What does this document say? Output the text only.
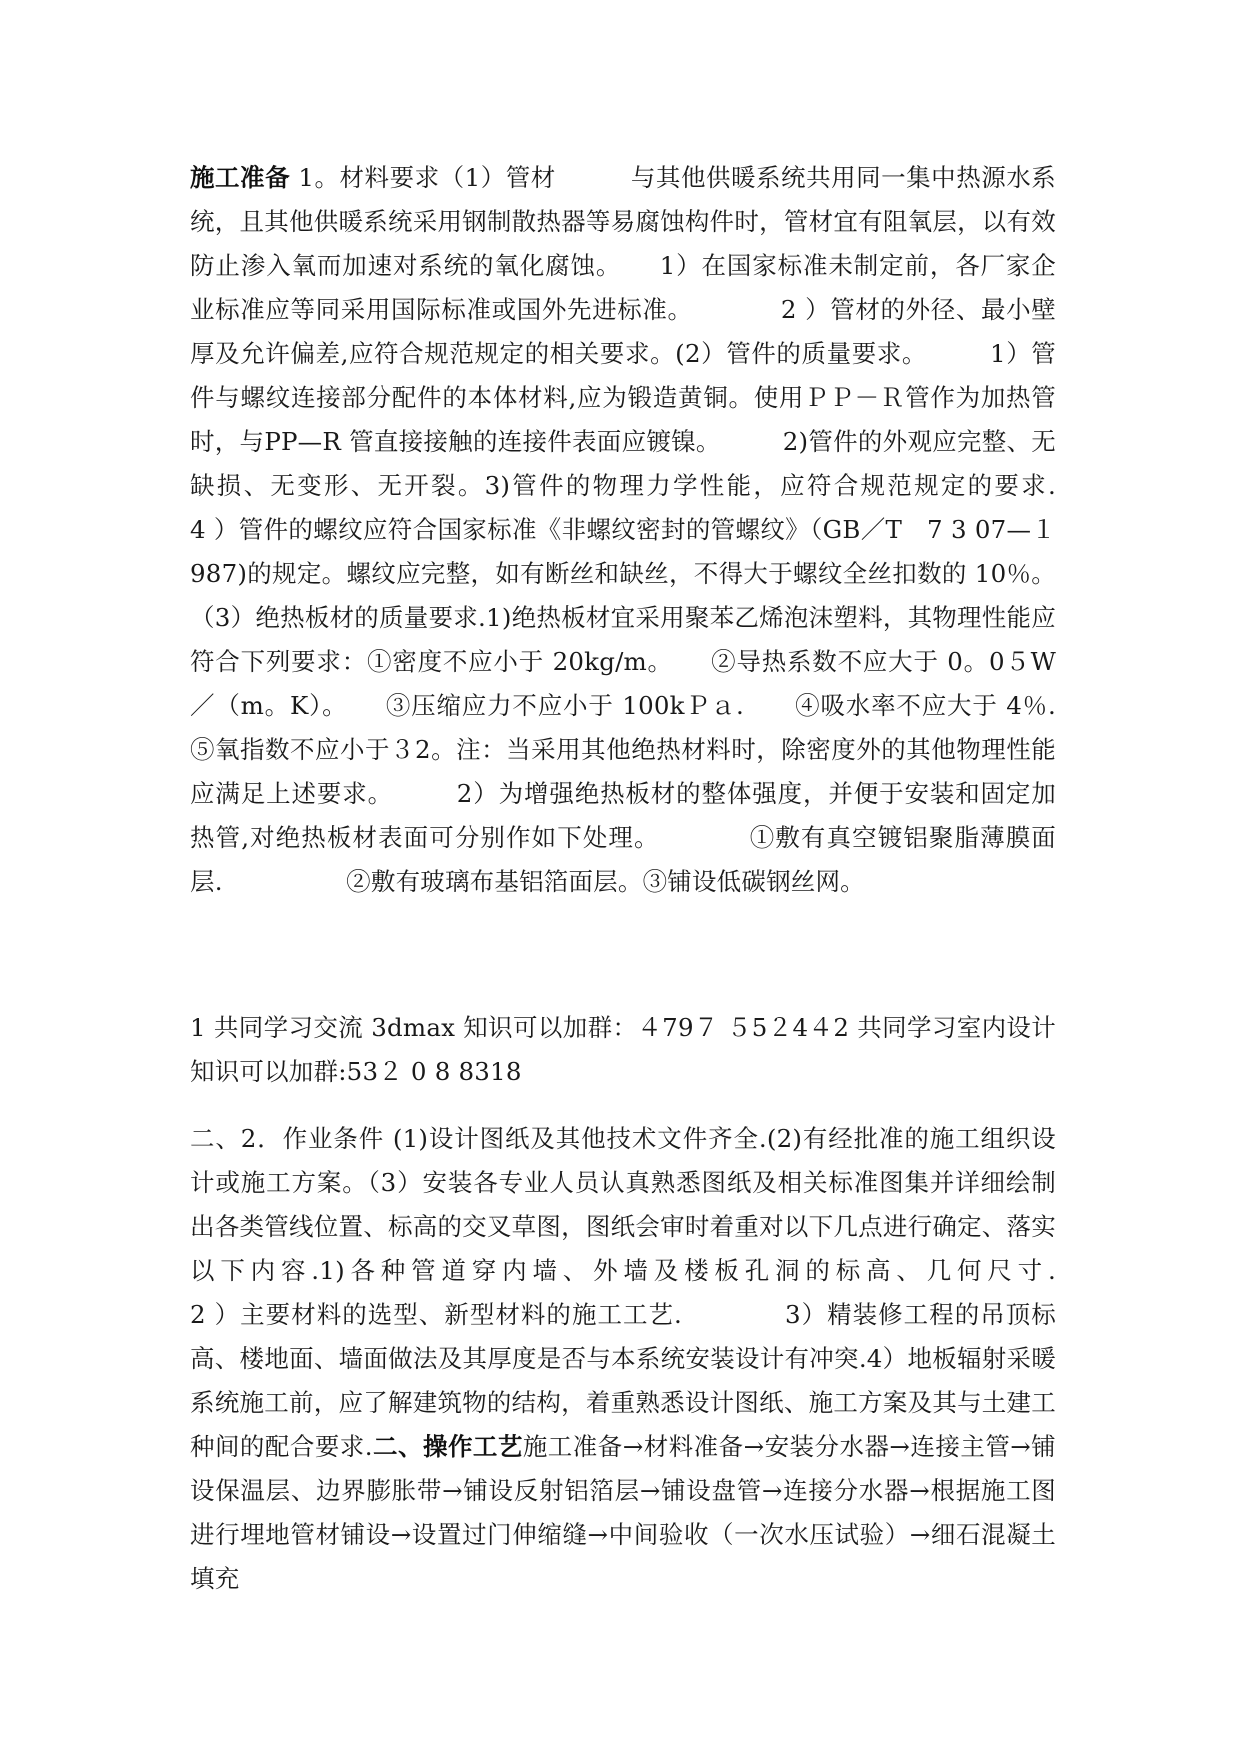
施工准备 1。材料要求（1）管材　　　与其他供暖系统共用同一集中热源水系统，且其他供暖系统采用钢制散热器等易腐蚀构件时，管材宜有阻氧层，以有效防止渗入氧而加速对系统的氧化腐蚀。　　1）在国家标准未制定前，各厂家企业标准应等同采用国际标准或国外先进标准。　　　　2 ）管材的外径、最小壁厚及允许偏差,应符合规范规定的相关要求。(2）管件的质量要求。　　　1）管件与螺纹连接部分配件的本体材料,应为锻造黄铜。使用ＰＰ－Ｒ管作为加热管时，与PP—R 管直接接触的连接件表面应镀镍。　　　2)管件的外观应完整、无缺损、无变形、无开裂。3)管件的物理力学性能，应符合规范规定的要求.　　　4 ）管件的螺纹应符合国家标准《非螺纹密封的管螺纹》（GB／T　7 3 07—１987)的规定。螺纹应完整，如有断丝和缺丝，不得大于螺纹全丝扣数的 10％。（3）绝热板材的质量要求.1)绝热板材宜采用聚苯乙烯泡沫塑料，其物理性能应符合下列要求：①密度不应小于 20kg/m。　　②导热系数不应大于 0。0５W／（m。K）。　　③压缩应力不应小于 100kＰａ.　　④吸水率不应大于 4％.　　⑤氧指数不应小于３2。注：当采用其他绝热材料时，除密度外的其他物理性能应满足上述要求。　　　2）为增强绝热板材的整体强度，并便于安装和固定加热管,对绝热板材表面可分别作如下处理。　　　　①敷有真空镀铝聚脂薄膜面层.　　　　　②敷有玻璃布基铝箔面层。③铺设低碳钢丝网。

1 共同学习交流 3dmax 知识可以加群：４79７ ５5２4４2 共同学习室内设计知识可以加群:53２ 0 8 8318

二、2．作业条件 (1)设计图纸及其他技术文件齐全.(2)有经批准的施工组织设计或施工方案。（3）安装各专业人员认真熟悉图纸及相关标准图集并详细绘制出各类管线位置、标高的交叉草图，图纸会审时着重对以下几点进行确定、落实以下内容.1)各种管道穿内墙、外墙及楼板孔洞的标高、几何尺寸.　　　　　　2 ）主要材料的选型、新型材料的施工工艺.　　　　3）精装修工程的吊顶标高、楼地面、墙面做法及其厚度是否与本系统安装设计有冲突.4）地板辐射采暖系统施工前，应了解建筑物的结构，着重熟悉设计图纸、施工方案及其与土建工种间的配合要求.二、操作工艺施工准备→材料准备→安装分水器→连接主管→铺设保温层、边界膨胀带→铺设反射铝箔层→铺设盘管→连接分水器→根据施工图进行埋地管材铺设→设置过门伸缩缝→中间验收（一次水压试验）→细石混凝土填充
